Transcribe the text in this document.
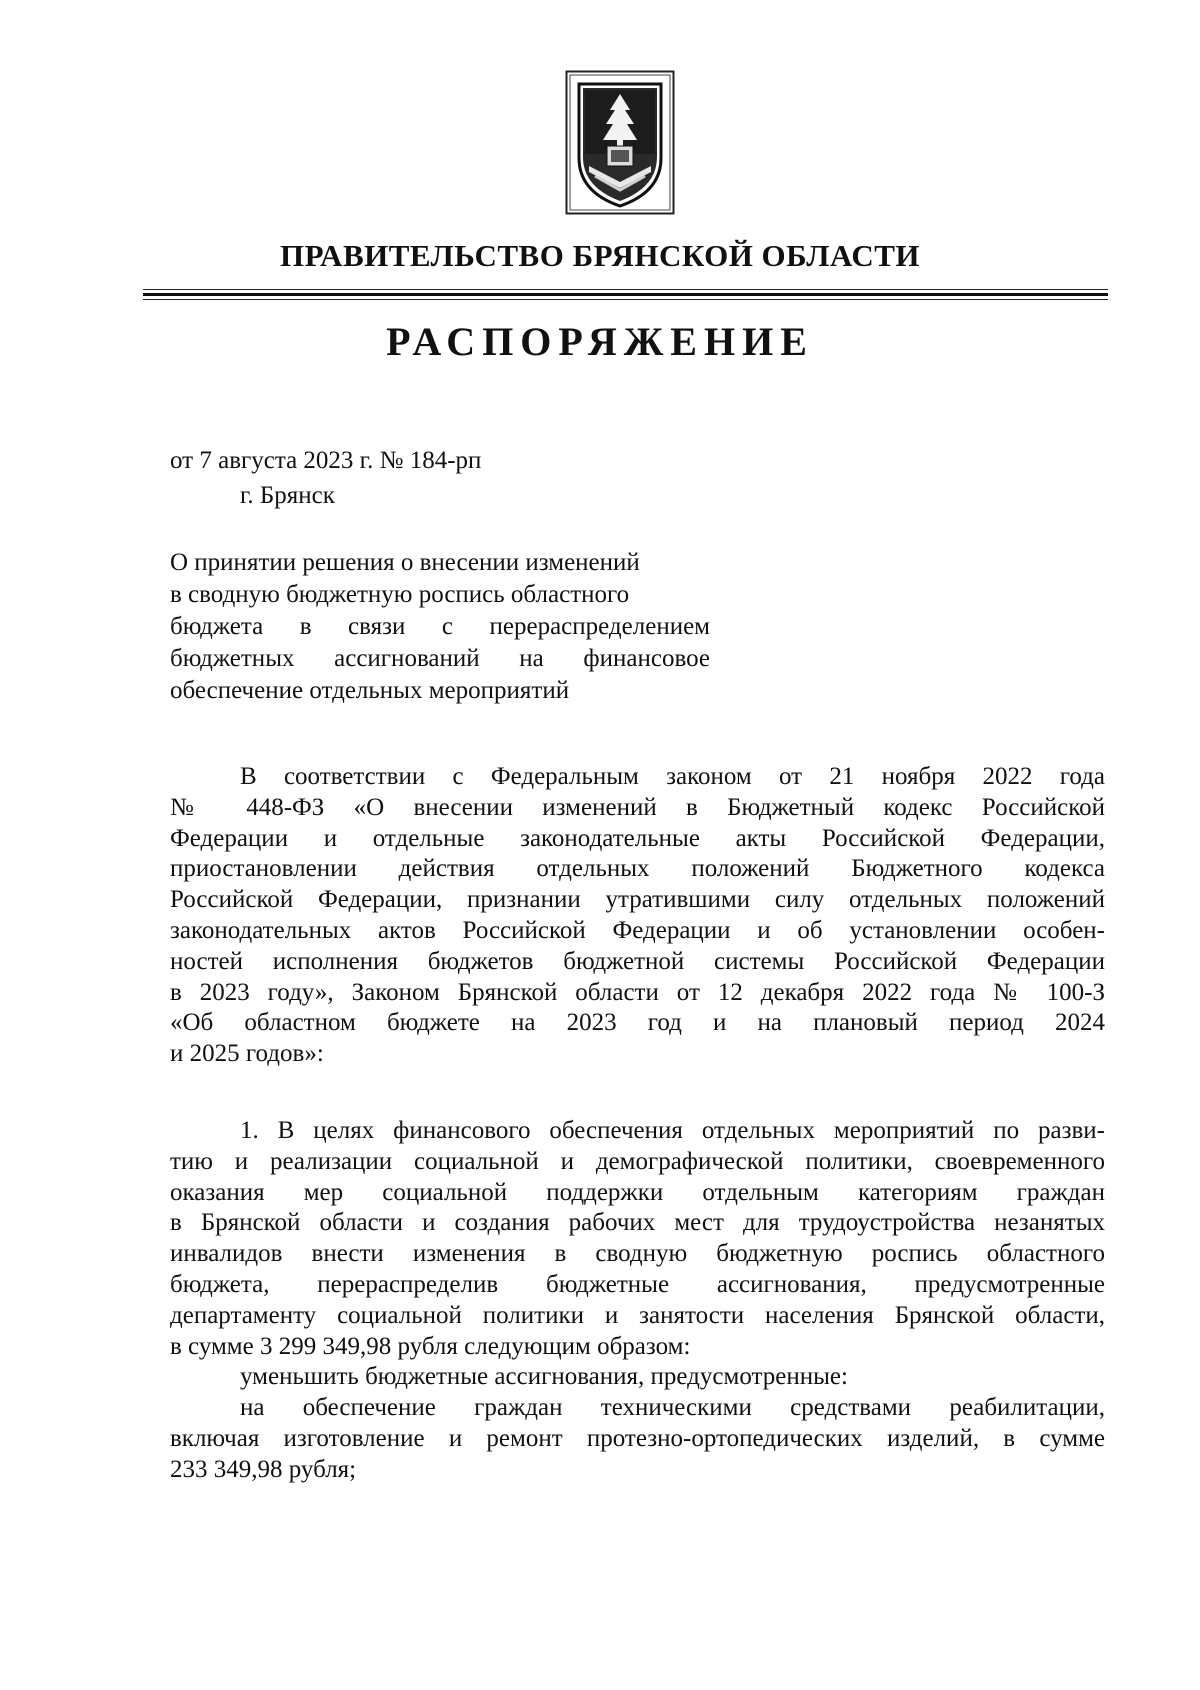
ПРАВИТЕЛЬСТВО БРЯНСКОЙ ОБЛАСТИ
РАСПОРЯЖЕНИЕ
от 7 августа 2023 г. № 184-рп
г. Брянск
О принятии решения о внесении изменений
в сводную бюджетную роспись областного
бюджета в связи с перераспределением
бюджетных ассигнований на финансовое
обеспечение отдельных мероприятий
В соответствии с Федеральным законом от 21 ноября 2022 года
№ 448-ФЗ «О внесении изменений в Бюджетный кодекс Российской
Федерации и отдельные законодательные акты Российской Федерации,
приостановлении действия отдельных положений Бюджетного кодекса
Российской Федерации, признании утратившими силу отдельных положений
законодательных актов Российской Федерации и об установлении особен-
ностей исполнения бюджетов бюджетной системы Российской Федерации
в 2023 году», Законом Брянской области от 12 декабря 2022 года № 100-З
«Об областном бюджете на 2023 год и на плановый период 2024
и 2025 годов»:
1. В целях финансового обеспечения отдельных мероприятий по разви-
тию и реализации социальной и демографической политики, своевременного
оказания мер социальной поддержки отдельным категориям граждан
в Брянской области и создания рабочих мест для трудоустройства незанятых
инвалидов внести изменения в сводную бюджетную роспись областного
бюджета, перераспределив бюджетные ассигнования, предусмотренные
департаменту социальной политики и занятости населения Брянской области,
в сумме 3 299 349,98 рубля следующим образом:
уменьшить бюджетные ассигнования, предусмотренные:
на обеспечение граждан техническими средствами реабилитации,
включая изготовление и ремонт протезно-ортопедических изделий, в сумме
233 349,98 рубля;
